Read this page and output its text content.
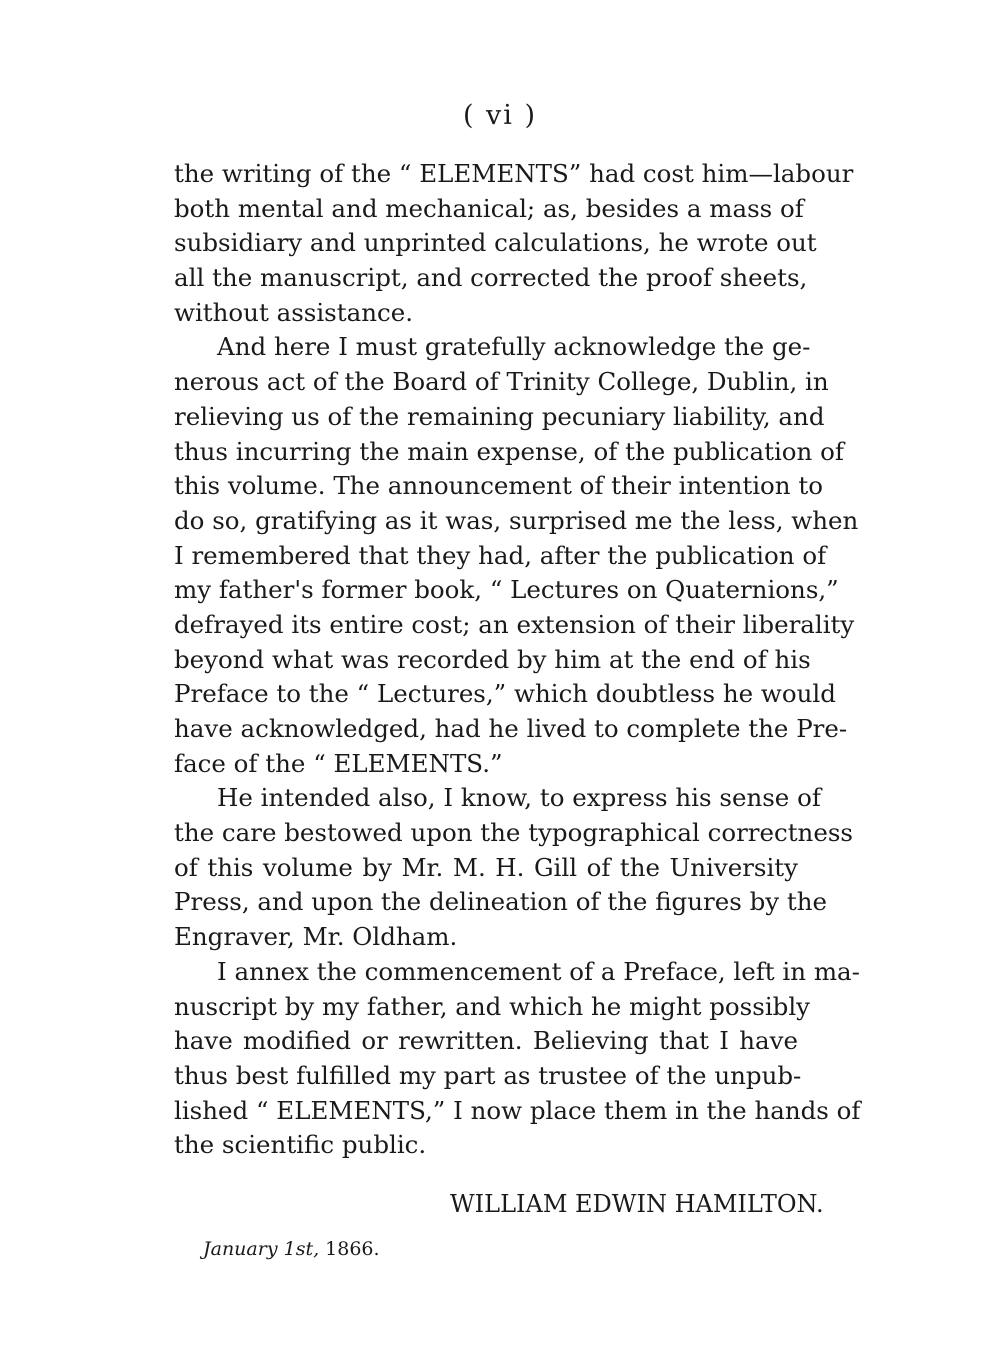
( vi )
the writing of the “ ELEMENTS” had cost him—labour
both mental and mechanical; as, besides a mass of
subsidiary and unprinted calculations, he wrote out
all the manuscript, and corrected the proof sheets,
without assistance.
And here I must gratefully acknowledge the ge-
nerous act of the Board of Trinity College, Dublin, in
relieving us of the remaining pecuniary liability, and
thus incurring the main expense, of the publication of
this volume. The announcement of their intention to
do so, gratifying as it was, surprised me the less, when
I remembered that they had, after the publication of
my father's former book, “ Lectures on Quaternions,”
defrayed its entire cost; an extension of their liberality
beyond what was recorded by him at the end of his
Preface to the “ Lectures,” which doubtless he would
have acknowledged, had he lived to complete the Pre-
face of the “ ELEMENTS.”
He intended also, I know, to express his sense of
the care bestowed upon the typographical correctness
of this volume by Mr. M. H. Gill of the University
Press, and upon the delineation of the figures by the
Engraver, Mr. Oldham.
I annex the commencement of a Preface, left in ma-
nuscript by my father, and which he might possibly
have modified or rewritten. Believing that I have
thus best fulfilled my part as trustee of the unpub-
lished “ ELEMENTS,” I now place them in the hands of
the scientific public.
WILLIAM EDWIN HAMILTON.
January 1st, 1866.
